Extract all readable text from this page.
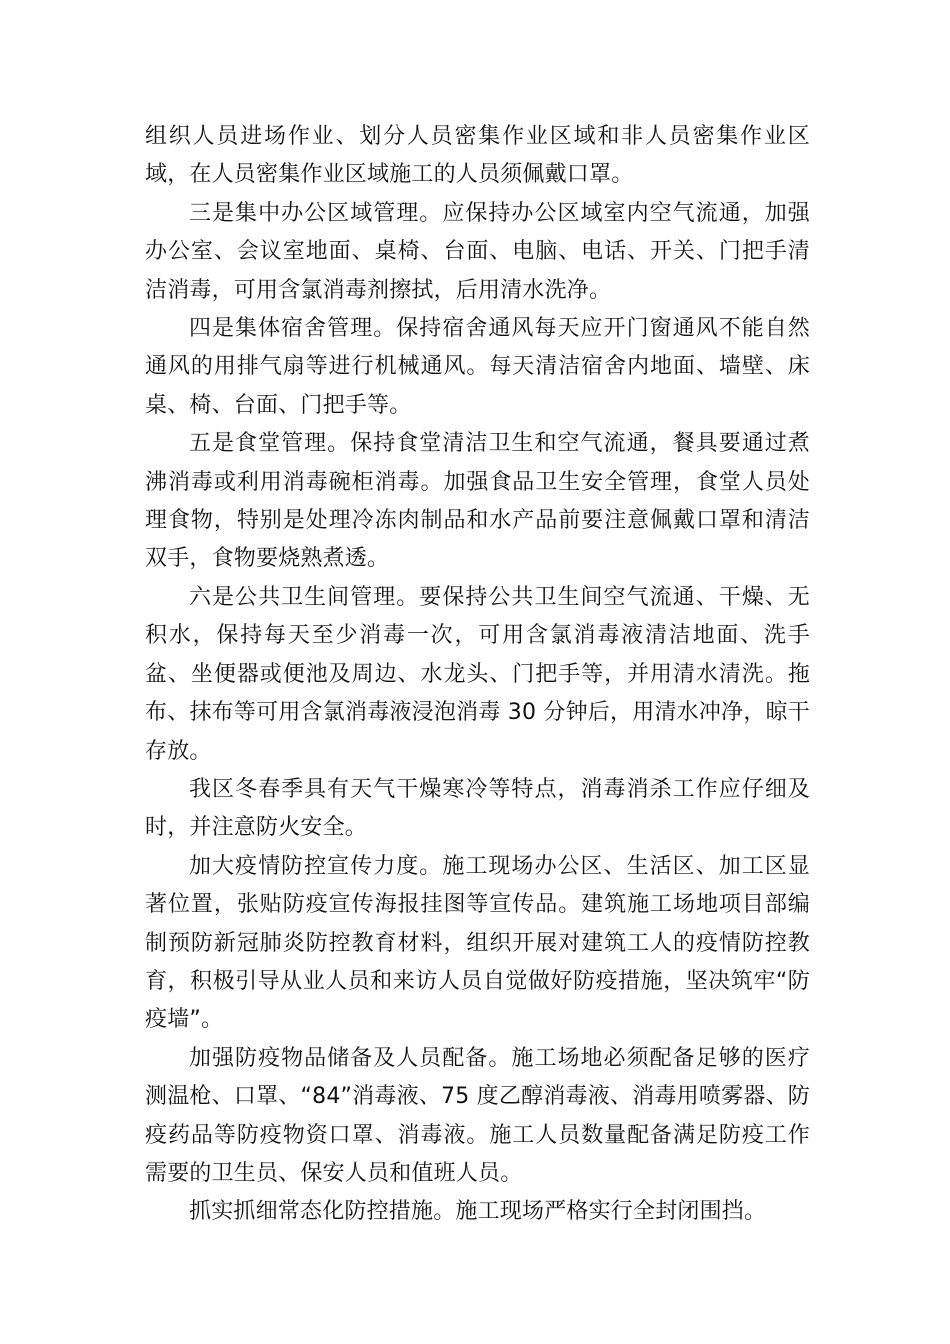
组织人员进场作业、划分人员密集作业区域和非人员密集作业区域，在人员密集作业区域施工的人员须佩戴口罩。

三是集中办公区域管理。应保持办公区域室内空气流通，加强办公室、会议室地面、桌椅、台面、电脑、电话、开关、门把手清洁消毒，可用含氯消毒剂擦拭，后用清水洗净。

四是集体宿舍管理。保持宿舍通风每天应开门窗通风不能自然通风的用排气扇等进行机械通风。每天清洁宿舍内地面、墙壁、床桌、椅、台面、门把手等。

五是食堂管理。保持食堂清洁卫生和空气流通，餐具要通过煮沸消毒或利用消毒碗柜消毒。加强食品卫生安全管理，食堂人员处理食物，特别是处理冷冻肉制品和水产品前要注意佩戴口罩和清洁双手，食物要烧熟煮透。

六是公共卫生间管理。要保持公共卫生间空气流通、干燥、无积水，保持每天至少消毒一次，可用含氯消毒液清洁地面、洗手盆、坐便器或便池及周边、水龙头、门把手等，并用清水清洗。拖布、抹布等可用含氯消毒液浸泡消毒 30 分钟后，用清水冲净，晾干存放。

我区冬春季具有天气干燥寒冷等特点，消毒消杀工作应仔细及时，并注意防火安全。

加大疫情防控宣传力度。施工现场办公区、生活区、加工区显著位置，张贴防疫宣传海报挂图等宣传品。建筑施工场地项目部编制预防新冠肺炎防控教育材料，组织开展对建筑工人的疫情防控教育，积极引导从业人员和来访人员自觉做好防疫措施，坚决筑牢“防疫墙”。

加强防疫物品储备及人员配备。施工场地必须配备足够的医疗测温枪、口罩、“84”消毒液、75 度乙醇消毒液、消毒用喷雾器、防疫药品等防疫物资口罩、消毒液。施工人员数量配备满足防疫工作需要的卫生员、保安人员和值班人员。

抓实抓细常态化防控措施。施工现场严格实行全封闭围挡。
